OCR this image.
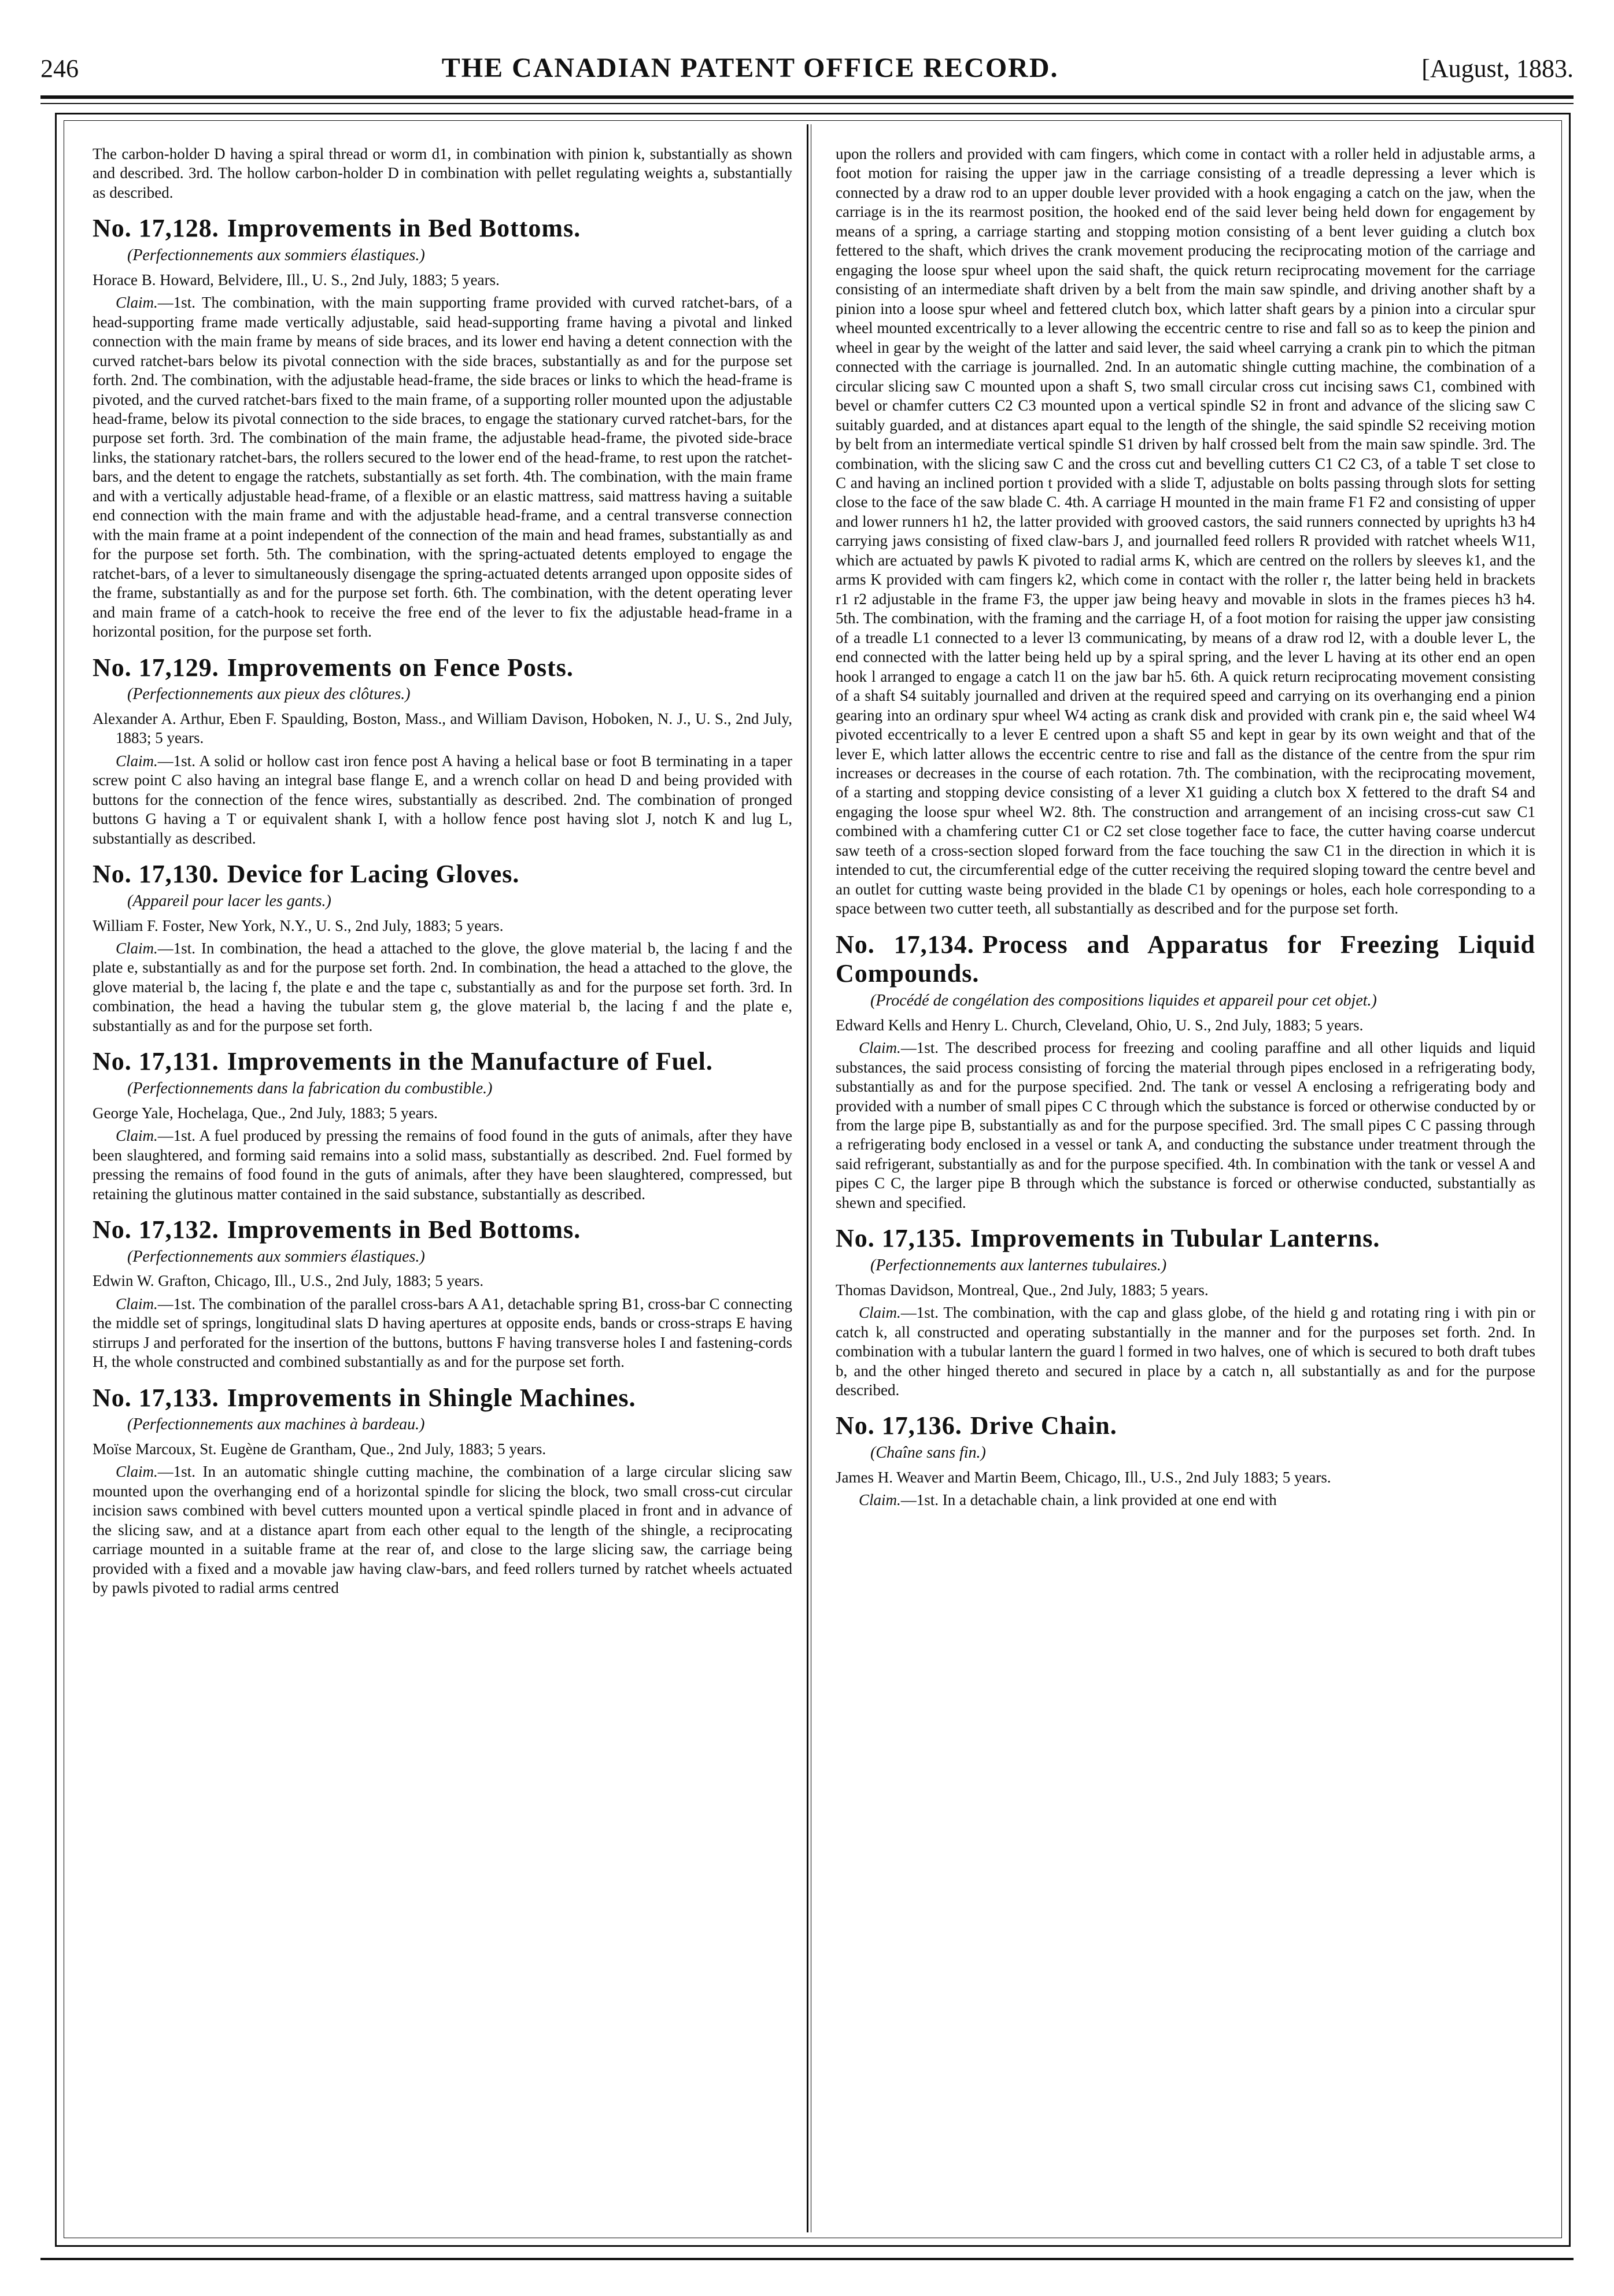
246	THE CANADIAN PATENT OFFICE RECORD.	[August, 1883.

The carbon-holder D having a spiral thread or worm d1, in combination with pinion k, substantially as shown and described. 3rd. The hollow carbon-holder D in combination with pellet regulating weights a, substantially as described.

No. 17,128. Improvements in Bed Bottoms.
(Perfectionnements aux sommiers élastiques.)

Horace B. Howard, Belvidere, Ill., U. S., 2nd July, 1883; 5 years.

Claim.—1st. The combination, with the main supporting frame provided with curved ratchet-bars, of a head-supporting frame made vertically adjustable, said head-supporting frame having a pivotal and linked connection with the main frame by means of side braces, and its lower end having a detent connection with the curved ratchet-bars below its pivotal connection with the side braces, substantially as and for the purpose set forth. 2nd. The combination, with the adjustable head-frame, the side braces or links to which the head-frame is pivoted, and the curved ratchet-bars fixed to the main frame, of a supporting roller mounted upon the adjustable head-frame, below its pivotal connection to the side braces, to engage the stationary curved ratchet-bars, for the purpose set forth. 3rd. The combination of the main frame, the adjustable head-frame, the pivoted side-brace links, the stationary ratchet-bars, the rollers secured to the lower end of the head-frame, to rest upon the ratchet-bars, and the detent to engage the ratchets, substantially as set forth. 4th. The combination, with the main frame and with a vertically adjustable head-frame, of a flexible or an elastic mattress, said mattress having a suitable end connection with the main frame and with the adjustable head-frame, and a central transverse connection with the main frame at a point independent of the connection of the main and head frames, substantially as and for the purpose set forth. 5th. The combination, with the spring-actuated detents employed to engage the ratchet-bars, of a lever to simultaneously disengage the spring-actuated detents arranged upon opposite sides of the frame, substantially as and for the purpose set forth. 6th. The combination, with the detent operating lever and main frame of a catch-hook to receive the free end of the lever to fix the adjustable head-frame in a horizontal position, for the purpose set forth.

No. 17,129. Improvements on Fence Posts.
(Perfectionnements aux pieux des clôtures.)

Alexander A. Arthur, Eben F. Spaulding, Boston, Mass., and William Davison, Hoboken, N. J., U. S., 2nd July, 1883; 5 years.

Claim.—1st. A solid or hollow cast iron fence post A having a helical base or foot B terminating in a taper screw point C also having an integral base flange E, and a wrench collar on head D and being provided with buttons for the connection of the fence wires, substantially as described. 2nd. The combination of pronged buttons G having a T or equivalent shank I, with a hollow fence post having slot J, notch K and lug L, substantially as described.

No. 17,130. Device for Lacing Gloves.
(Appareil pour lacer les gants.)

William F. Foster, New York, N.Y., U. S., 2nd July, 1883; 5 years.

Claim.—1st. In combination, the head a attached to the glove, the glove material b, the lacing f and the plate e, substantially as and for the purpose set forth. 2nd. In combination, the head a attached to the glove, the glove material b, the lacing f, the plate e and the tape c, substantially as and for the purpose set forth. 3rd. In combination, the head a having the tubular stem g, the glove material b, the lacing f and the plate e, substantially as and for the purpose set forth.

No. 17,131. Improvements in the Manufacture of Fuel.
(Perfectionnements dans la fabrication du combustible.)

George Yale, Hochelaga, Que., 2nd July, 1883; 5 years.

Claim.—1st. A fuel produced by pressing the remains of food found in the guts of animals, after they have been slaughtered, and forming said remains into a solid mass, substantially as described. 2nd. Fuel formed by pressing the remains of food found in the guts of animals, after they have been slaughtered, compressed, but retaining the glutinous matter contained in the said substance, substantially as described.

No. 17,132. Improvements in Bed Bottoms.
(Perfectionnements aux sommiers élastiques.)

Edwin W. Grafton, Chicago, Ill., U.S., 2nd July, 1883; 5 years.

Claim.—1st. The combination of the parallel cross-bars A A1, detachable spring B1, cross-bar C connecting the middle set of springs, longitudinal slats D having apertures at opposite ends, bands or cross-straps E having stirrups J and perforated for the insertion of the buttons, buttons F having transverse holes I and fastening-cords H, the whole constructed and combined substantially as and for the purpose set forth.

No. 17,133. Improvements in Shingle Machines.
(Perfectionnements aux machines à bardeau.)

Moïse Marcoux, St. Eugène de Grantham, Que., 2nd July, 1883; 5 years.

Claim.—1st. In an automatic shingle cutting machine, the combination of a large circular slicing saw mounted upon the overhanging end of a horizontal spindle for slicing the block, two small cross-cut circular incision saws combined with bevel cutters mounted upon a vertical spindle placed in front and in advance of the slicing saw, and at a distance apart from each other equal to the length of the shingle, a reciprocating carriage mounted in a suitable frame at the rear of, and close to the large slicing saw, the carriage being provided with a fixed and a movable jaw having claw-bars, and feed rollers turned by ratchet wheels actuated by pawls pivoted to radial arms centred

upon the rollers and provided with cam fingers, which come in contact with a roller held in adjustable arms, a foot motion for raising the upper jaw in the carriage consisting of a treadle depressing a lever which is connected by a draw rod to an upper double lever provided with a hook engaging a catch on the jaw, when the carriage is in the its rearmost position, the hooked end of the said lever being held down for engagement by means of a spring, a carriage starting and stopping motion consisting of a bent lever guiding a clutch box fettered to the shaft, which drives the crank movement producing the reciprocating motion of the carriage and engaging the loose spur wheel upon the said shaft, the quick return reciprocating movement for the carriage consisting of an intermediate shaft driven by a belt from the main saw spindle, and driving another shaft by a pinion into a loose spur wheel and fettered clutch box, which latter shaft gears by a pinion into a circular spur wheel mounted excentrically to a lever allowing the eccentric centre to rise and fall so as to keep the pinion and wheel in gear by the weight of the latter and said lever, the said wheel carrying a crank pin to which the pitman connected with the carriage is journalled. 2nd. In an automatic shingle cutting machine, the combination of a circular slicing saw C mounted upon a shaft S, two small circular cross cut incising saws C1, combined with bevel or chamfer cutters C2 C3 mounted upon a vertical spindle S2 in front and advance of the slicing saw C suitably guarded, and at distances apart equal to the length of the shingle, the said spindle S2 receiving motion by belt from an intermediate vertical spindle S1 driven by half crossed belt from the main saw spindle. 3rd. The combination, with the slicing saw C and the cross cut and bevelling cutters C1 C2 C3, of a table T set close to C and having an inclined portion t provided with a slide T, adjustable on bolts passing through slots for setting close to the face of the saw blade C. 4th. A carriage H mounted in the main frame F1 F2 and consisting of upper and lower runners h1 h2, the latter provided with grooved castors, the said runners connected by uprights h3 h4 carrying jaws consisting of fixed claw-bars J, and journalled feed rollers R provided with ratchet wheels W11, which are actuated by pawls K pivoted to radial arms K, which are centred on the rollers by sleeves k1, and the arms K provided with cam fingers k2, which come in contact with the roller r, the latter being held in brackets r1 r2 adjustable in the frame F3, the upper jaw being heavy and movable in slots in the frames pieces h3 h4. 5th. The combination, with the framing and the carriage H, of a foot motion for raising the upper jaw consisting of a treadle L1 connected to a lever l3 communicating, by means of a draw rod l2, with a double lever L, the end connected with the latter being held up by a spiral spring, and the lever L having at its other end an open hook l arranged to engage a catch l1 on the jaw bar h5. 6th. A quick return reciprocating movement consisting of a shaft S4 suitably journalled and driven at the required speed and carrying on its overhanging end a pinion gearing into an ordinary spur wheel W4 acting as crank disk and provided with crank pin e, the said wheel W4 pivoted eccentrically to a lever E centred upon a shaft S5 and kept in gear by its own weight and that of the lever E, which latter allows the eccentric centre to rise and fall as the distance of the centre from the spur rim increases or decreases in the course of each rotation. 7th. The combination, with the reciprocating movement, of a starting and stopping device consisting of a lever X1 guiding a clutch box X fettered to the draft S4 and engaging the loose spur wheel W2. 8th. The construction and arrangement of an incising cross-cut saw C1 combined with a chamfering cutter C1 or C2 set close together face to face, the cutter having coarse undercut saw teeth of a cross-section sloped forward from the face touching the saw C1 in the direction in which it is intended to cut, the circumferential edge of the cutter receiving the required sloping toward the centre bevel and an outlet for cutting waste being provided in the blade C1 by openings or holes, each hole corresponding to a space between two cutter teeth, all substantially as described and for the purpose set forth.

No. 17,134. Process and Apparatus for Freezing Liquid Compounds.
(Procédé de congélation des compositions liquides et appareil pour cet objet.)

Edward Kells and Henry L. Church, Cleveland, Ohio, U. S., 2nd July, 1883; 5 years.

Claim.—1st. The described process for freezing and cooling paraffine and all other liquids and liquid substances, the said process consisting of forcing the material through pipes enclosed in a refrigerating body, substantially as and for the purpose specified. 2nd. The tank or vessel A enclosing a refrigerating body and provided with a number of small pipes C C through which the substance is forced or otherwise conducted by or from the large pipe B, substantially as and for the purpose specified. 3rd. The small pipes C C passing through a refrigerating body enclosed in a vessel or tank A, and conducting the substance under treatment through the said refrigerant, substantially as and for the purpose specified. 4th. In combination with the tank or vessel A and pipes C C, the larger pipe B through which the substance is forced or otherwise conducted, substantially as shewn and specified.

No. 17,135. Improvements in Tubular Lanterns.
(Perfectionnements aux lanternes tubulaires.)

Thomas Davidson, Montreal, Que., 2nd July, 1883; 5 years.

Claim.—1st. The combination, with the cap and glass globe, of the hield g and rotating ring i with pin or catch k, all constructed and operating substantially in the manner and for the purposes set forth. 2nd. In combination with a tubular lantern the guard l formed in two halves, one of which is secured to both draft tubes b, and the other hinged thereto and secured in place by a catch n, all substantially as and for the purpose described.

No. 17,136. Drive Chain.
(Chaîne sans fin.)

James H. Weaver and Martin Beem, Chicago, Ill., U.S., 2nd July 1883; 5 years.

Claim.—1st. In a detachable chain, a link provided at one end with
